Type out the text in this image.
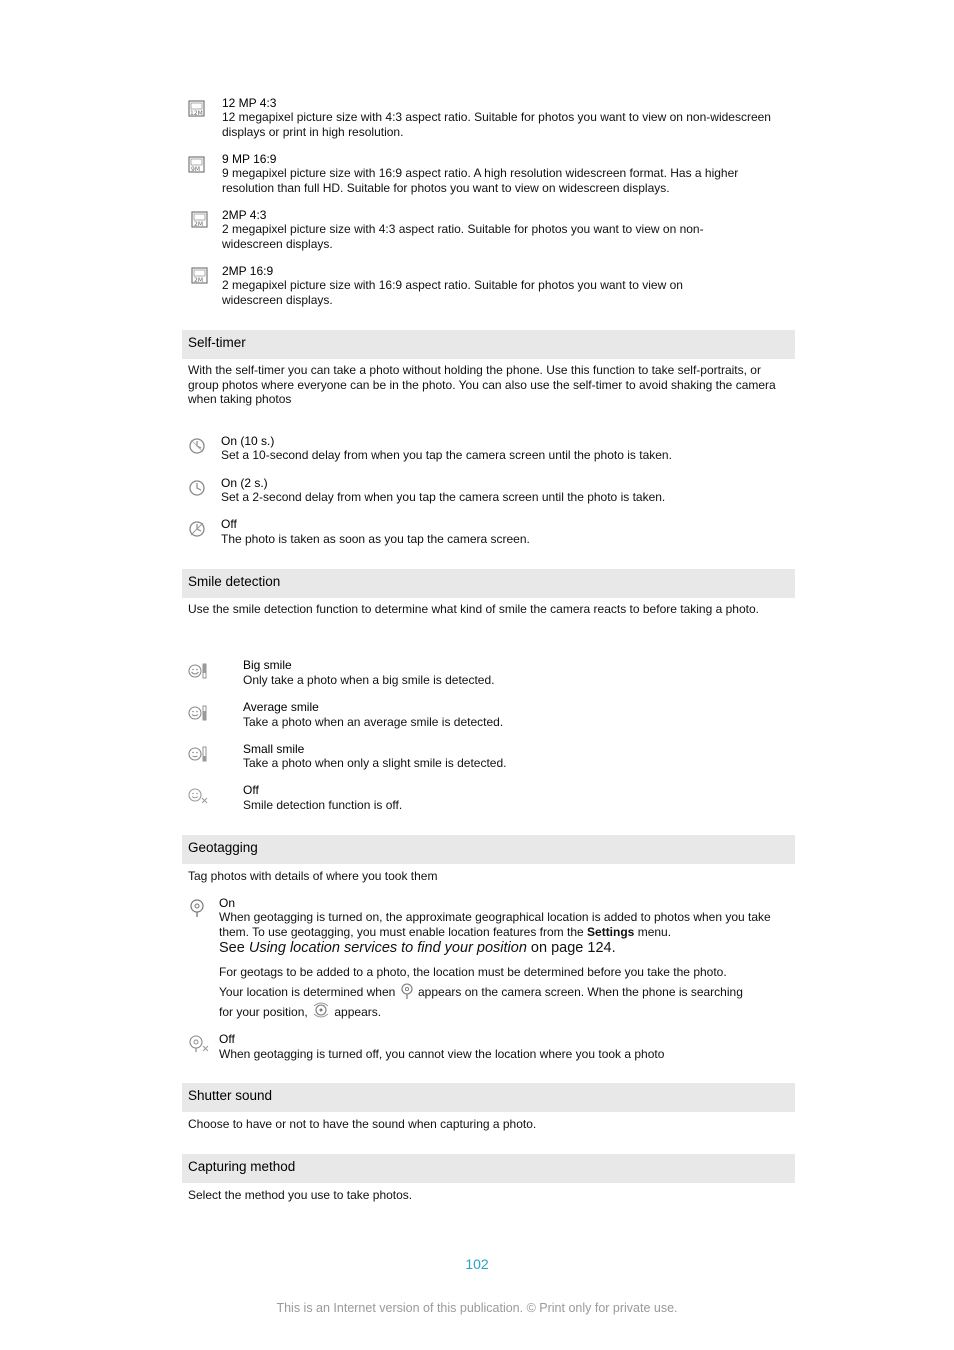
12M
12 MP 4:3
12 megapixel picture size with 4:3 aspect ratio. Suitable for photos you want to view on non-widescreen displays or print in high resolution.
9M
9 MP 16:9
9 megapixel picture size with 16:9 aspect ratio. A high resolution widescreen format. Has a higher resolution than full HD. Suitable for photos you want to view on widescreen displays.
2M
2MP 4:3
2 megapixel picture size with 4:3 aspect ratio. Suitable for photos you want to view on non-widescreen displays.
2M
2MP 16:9
2 megapixel picture size with 16:9 aspect ratio. Suitable for photos you want to view on widescreen displays.
Self-timer
With the self-timer you can take a photo without holding the phone. Use this function to take self-portraits, or group photos where everyone can be in the photo. You can also use the self-timer to avoid shaking the camera when taking photos
On (10 s.)
Set a 10-second delay from when you tap the camera screen until the photo is taken.
On (2 s.)
Set a 2-second delay from when you tap the camera screen until the photo is taken.
Off
The photo is taken as soon as you tap the camera screen.
Smile detection
Use the smile detection function to determine what kind of smile the camera reacts to before taking a photo.
Big smile
Only take a photo when a big smile is detected.
Average smile
Take a photo when an average smile is detected.
Small smile
Take a photo when only a slight smile is detected.
Off
Smile detection function is off.
Geotagging
Tag photos with details of where you took them
On
When geotagging is turned on, the approximate geographical location is added to photos when you take them. To use geotagging, you must enable location features from the Settings menu.
See Using location services to find your position on page 124.
For geotags to be added to a photo, the location must be determined before you take the photo.
Your location is determined when  appears on the camera screen. When the phone is searching
for your position,  appears.
Off
When geotagging is turned off, you cannot view the location where you took a photo
Shutter sound
Choose to have or not to have the sound when capturing a photo.
Capturing method
Select the method you use to take photos.
102
This is an Internet version of this publication. © Print only for private use.
